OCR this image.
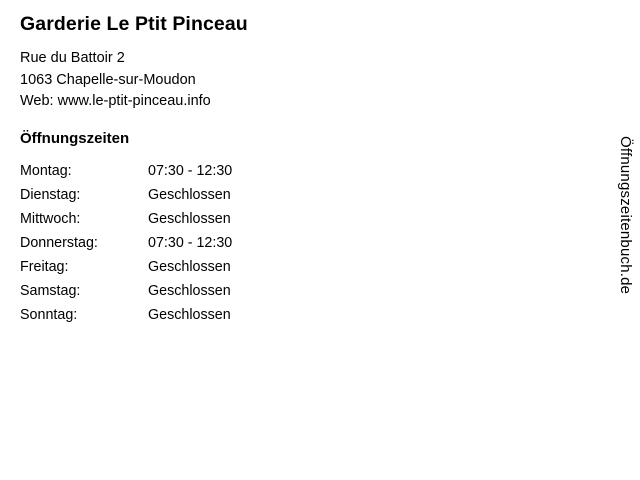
Garderie Le Ptit Pinceau
Rue du Battoir 2
1063 Chapelle-sur-Moudon
Web: www.le-ptit-pinceau.info
Öffnungszeiten
Montag:	07:30 - 12:30
Dienstag:	Geschlossen
Mittwoch:	Geschlossen
Donnerstag:	07:30 - 12:30
Freitag:	Geschlossen
Samstag:	Geschlossen
Sonntag:	Geschlossen
Öffnungszeitenbuch.de
